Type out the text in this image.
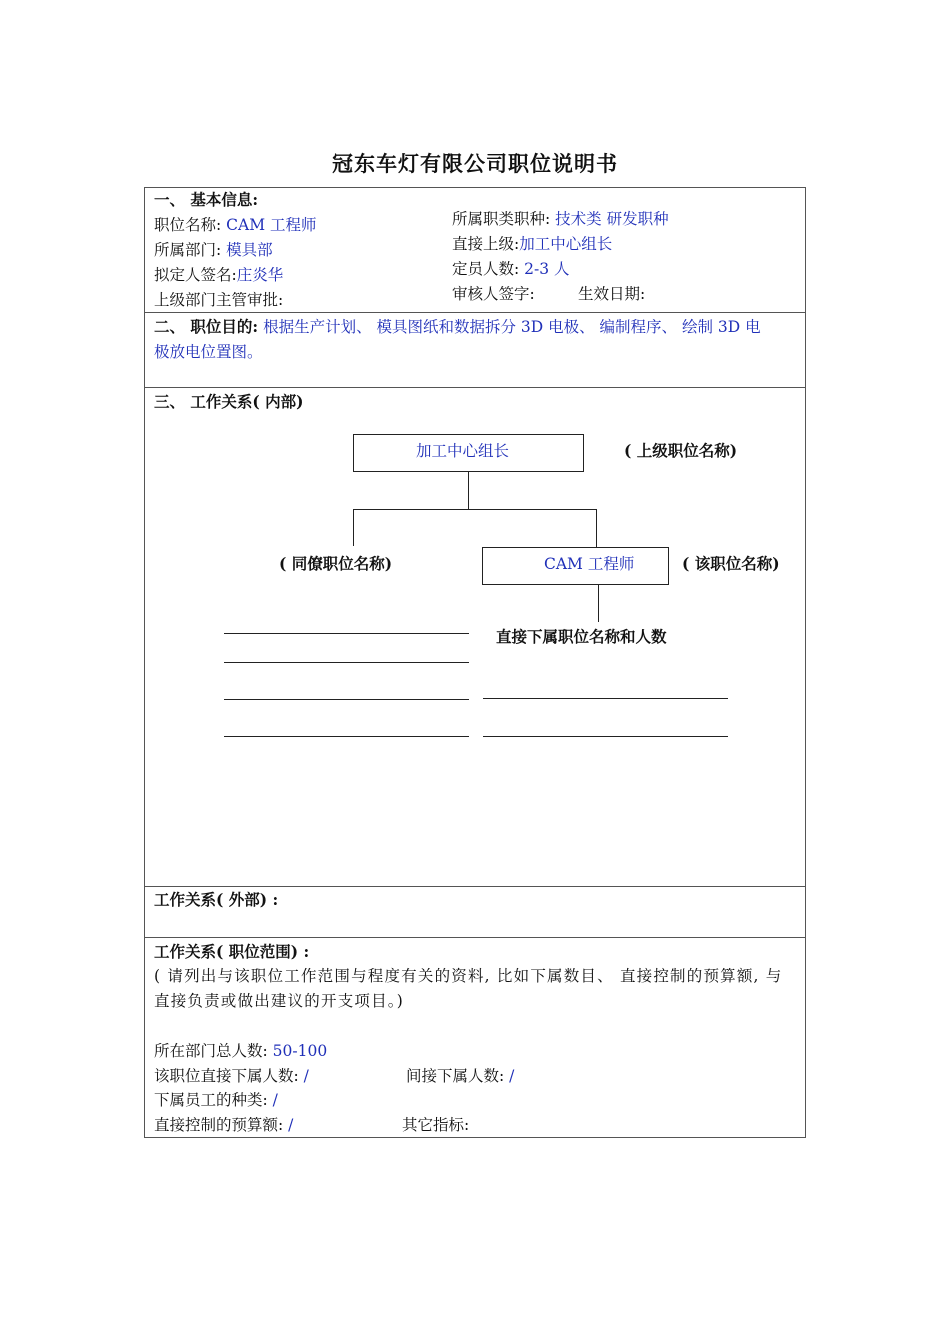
冠东车灯有限公司职位说明书
一、 基本信息:
职位名称: CAM 工程师	所属职类职种: 技术类 研发职种
所属部门: 模具部	直接上级:加工中心组长
拟定人签名:庄炎华	定员人数: 2-3 人
上级部门主管审批:	审核人签字:	生效日期:
二、 职位目的: 根据生产计划、 模具图纸和数据拆分 3D 电极、 编制程序、 绘制 3D 电
极放电位置图。
三、 工作关系( 内部)
加工中心组长	( 上级职位名称)
( 同僚职位名称)	CAM 工程师	( 该职位名称)
直接下属职位名称和人数
工作关系( 外部) :
工作关系( 职位范围) :
( 请列出与该职位工作范围与程度有关的资料, 比如下属数目、 直接控制的预算额, 与
直接负责或做出建议的开支项目。)
所在部门总人数: 50-100
该职位直接下属人数: /	间接下属人数: /
下属员工的种类: /
直接控制的预算额: /	其它指标:
